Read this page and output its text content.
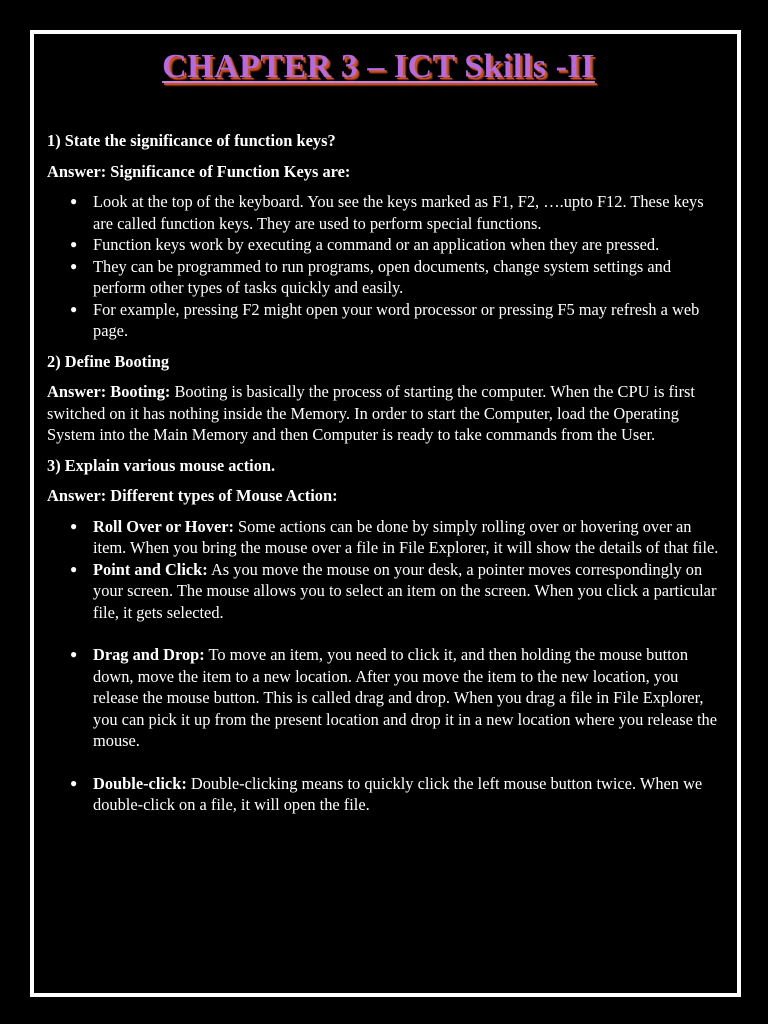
CHAPTER 3 – ICT Skills -II

1) State the significance of function keys?

Answer: Significance of Function Keys are:

● Look at the top of the keyboard. You see the keys marked as F1, F2, ….upto F12. These keys are called function keys. They are used to perform special functions.
● Function keys work by executing a command or an application when they are pressed.
● They can be programmed to run programs, open documents, change system settings and perform other types of tasks quickly and easily.
● For example, pressing F2 might open your word processor or pressing F5 may refresh a web page.

2) Define Booting

Answer: Booting: Booting is basically the process of starting the computer. When the CPU is first switched on it has nothing inside the Memory. In order to start the Computer, load the Operating System into the Main Memory and then Computer is ready to take commands from the User.

3) Explain various mouse action.

Answer: Different types of Mouse Action:

● Roll Over or Hover: Some actions can be done by simply rolling over or hovering over an item. When you bring the mouse over a file in File Explorer, it will show the details of that file.
● Point and Click: As you move the mouse on your desk, a pointer moves correspondingly on your screen. The mouse allows you to select an item on the screen. When you click a particular file, it gets selected.
● Drag and Drop: To move an item, you need to click it, and then holding the mouse button down, move the item to a new location. After you move the item to the new location, you release the mouse button. This is called drag and drop. When you drag a file in File Explorer, you can pick it up from the present location and drop it in a new location where you release the mouse.
● Double-click: Double-clicking means to quickly click the left mouse button twice. When we double-click on a file, it will open the file.
